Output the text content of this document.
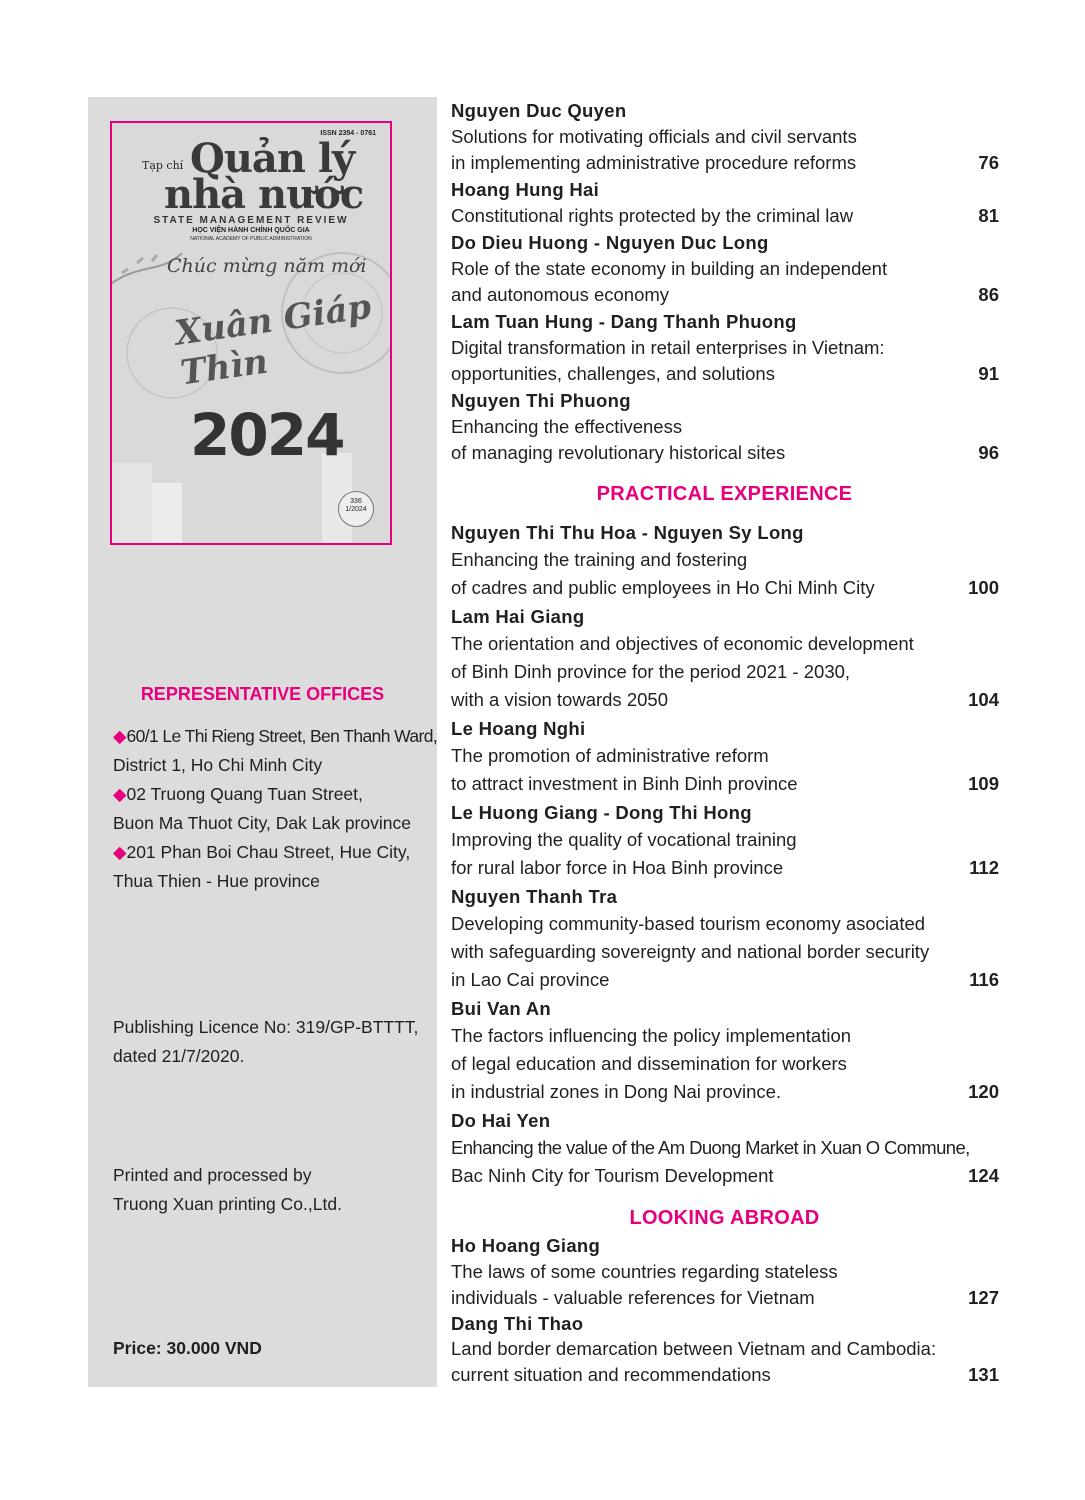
ISSN 2354 - 0761
Tạp chí Quản lý
nhà nước
STATE MANAGEMENT REVIEW
HỌC VIỆN HÀNH CHÍNH QUỐC GIA
NATIONAL ACADEMY OF PUBLIC ADMINISTRATION
Chúc mừng năm mới
Xuân Giáp Thìn
2024
336
1/2024
REPRESENTATIVE OFFICES
◆60/1 Le Thi Rieng Street, Ben Thanh Ward,
District 1, Ho Chi Minh City
◆02 Truong Quang Tuan Street,
Buon Ma Thuot City, Dak Lak province
◆201 Phan Boi Chau Street, Hue City,
Thua Thien - Hue province
Publishing Licence No: 319/GP-BTTTT,
dated 21/7/2020.
Printed and processed by
Truong Xuan printing Co.,Ltd.
Price: 30.000 VND
Nguyen Duc Quyen
Solutions for motivating officials and civil servants
in implementing administrative procedure reforms	76
Hoang Hung Hai
Constitutional rights protected by the criminal law	81
Do Dieu Huong - Nguyen Duc Long
Role of the state economy in building an independent
and autonomous economy	86
Lam Tuan Hung - Dang Thanh Phuong
Digital transformation in retail enterprises in Vietnam:
opportunities, challenges, and solutions	91
Nguyen Thi Phuong
Enhancing the effectiveness
of managing revolutionary historical sites	96
PRACTICAL EXPERIENCE
Nguyen Thi Thu Hoa - Nguyen Sy Long
Enhancing the training and fostering
of cadres and public employees in Ho Chi Minh City	100
Lam Hai Giang
The orientation and objectives of economic development
of Binh Dinh province for the period 2021 - 2030,
with a vision towards 2050	104
Le Hoang Nghi
The promotion of administrative reform
to attract investment in Binh Dinh province	109
Le Huong Giang - Dong Thi Hong
Improving the quality of vocational training
for rural labor force in Hoa Binh province	112
Nguyen Thanh Tra
Developing community-based tourism economy asociated
with safeguarding sovereignty and national border security
in Lao Cai province	116
Bui Van An
The factors influencing the policy implementation
of legal education and dissemination for workers
in industrial zones in Dong Nai province.	120
Do Hai Yen
Enhancing the value of the Am Duong Market in Xuan O Commune,
Bac Ninh City for Tourism Development	124
LOOKING ABROAD
Ho Hoang Giang
The laws of some countries regarding stateless
individuals - valuable references for Vietnam	127
Dang Thi Thao
Land border demarcation between Vietnam and Cambodia:
current situation and recommendations	131
